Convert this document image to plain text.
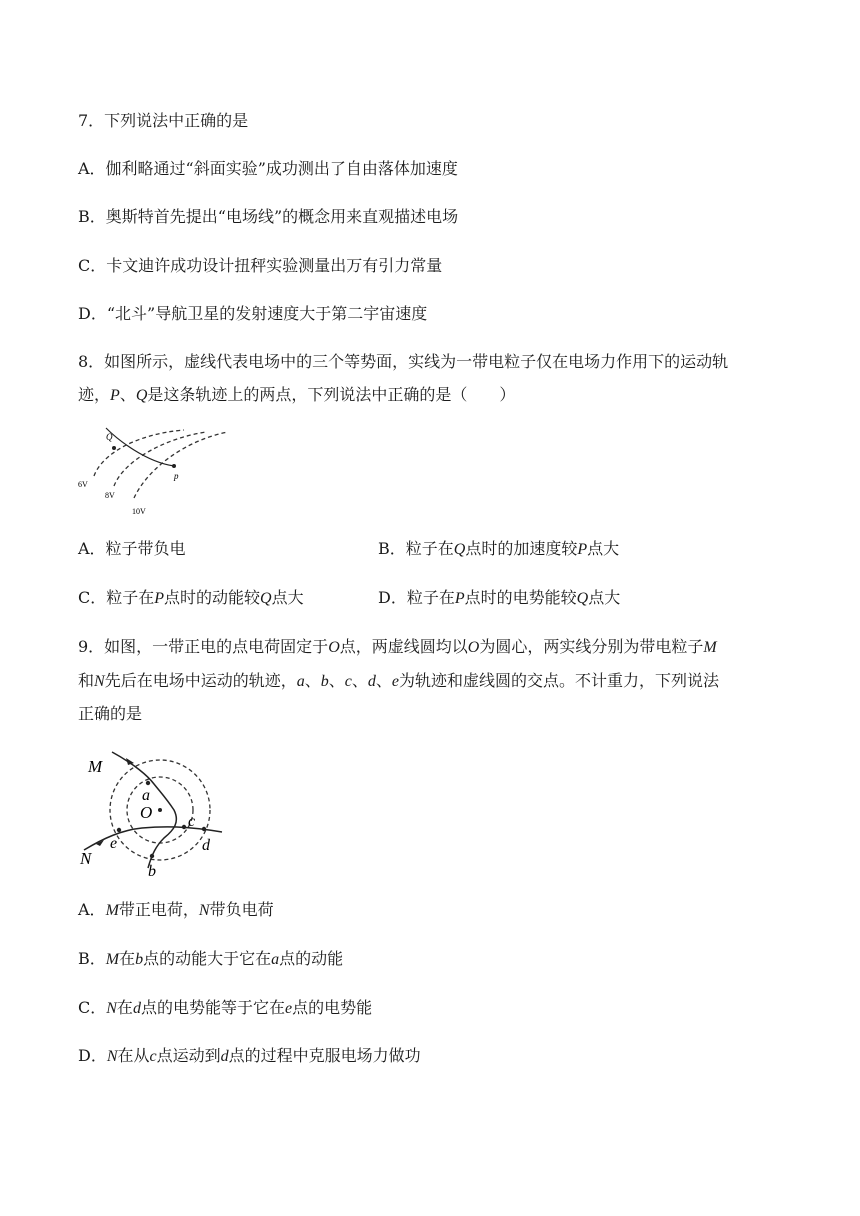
7．下列说法中正确的是
A．伽利略通过“斜面实验”成功测出了自由落体加速度
B．奥斯特首先提出“电场线”的概念用来直观描述电场
C．卡文迪许成功设计扭秤实验测量出万有引力常量
D．“北斗”导航卫星的发射速度大于第二宇宙速度
8．如图所示，虚线代表电场中的三个等势面，实线为一带电粒子仅在电场力作用下的运动轨
迹，P、Q是这条轨迹上的两点，下列说法中正确的是（　　）
Q
p
6V
8V
10V
A．粒子带负电	B．粒子在Q点时的加速度较P点大
C．粒子在P点时的动能较Q点大	D．粒子在P点时的电势能较Q点大
9．如图，一带正电的点电荷固定于O点，两虚线圆均以O为圆心，两实线分别为带电粒子M
和N先后在电场中运动的轨迹，a、b、c、d、e为轨迹和虚线圆的交点。不计重力，下列说法
正确的是
M
N
O
a
b
c
d
e
A．M带正电荷，N带负电荷
B．M在b点的动能大于它在a点的动能
C．N在d点的电势能等于它在e点的电势能
D．N在从c点运动到d点的过程中克服电场力做功
